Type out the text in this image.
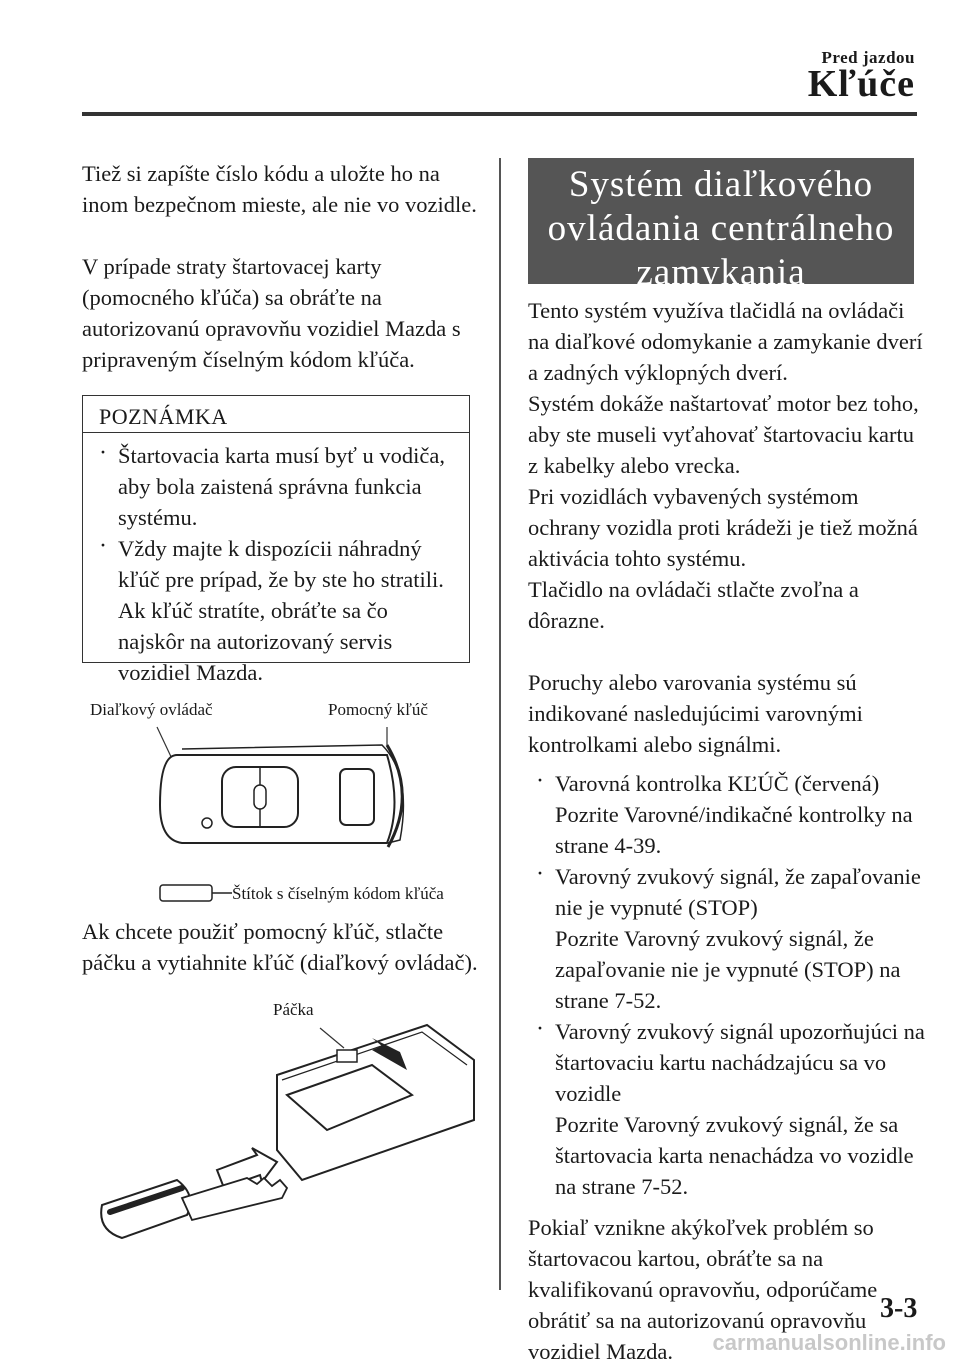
Pred jazdou
Kľúče

Tiež si zapíšte číslo kódu a uložte ho na inom bezpečnom mieste, ale nie vo vozidle.

V prípade straty štartovacej karty (pomocného kľúča) sa obráťte na autorizovanú opravovňu vozidiel Mazda s pripraveným číselným kódom kľúča.

POZNÁMKA
· Štartovacia karta musí byť u vodiča, aby bola zaistená správna funkcia systému.
· Vždy majte k dispozícii náhradný kľúč pre prípad, že by ste ho stratili. Ak kľúč stratíte, obráťte sa čo najskôr na autorizovaný servis vozidiel Mazda.
Diaľkový ovládač	Pomocný kľúč
Štítok s číselným kódom kľúča

Ak chcete použiť pomocný kľúč, stlačte páčku a vytiahnite kľúč (diaľkový ovládač).

Páčka
Systém diaľkového ovládania centrálneho zamykania

Tento systém využíva tlačidlá na ovládači na diaľkové odomykanie a zamykanie dverí a zadných výklopných dverí.

Systém dokáže naštartovať motor bez toho, aby ste museli vyťahovať štartovaciu kartu z kabelky alebo vrecka.

Pri vozidlách vybavených systémom ochrany vozidla proti krádeži je tiež možná aktivácia tohto systému.

Tlačidlo na ovládači stlačte zvoľna a dôrazne.

Poruchy alebo varovania systému sú indikované nasledujúcimi varovnými kontrolkami alebo signálmi.

· Varovná kontrolka KĽÚČ (červená)
Pozrite Varovné/indikačné kontrolky na strane 4-39.
· Varovný zvukový signál, že zapaľovanie nie je vypnuté (STOP)
Pozrite Varovný zvukový signál, že zapaľovanie nie je vypnuté (STOP) na strane 7-52.
· Varovný zvukový signál upozorňujúci na štartovaciu kartu nachádzajúcu sa vo vozidle
Pozrite Varovný zvukový signál, že sa štartovacia karta nenachádza vo vozidle na strane 7-52.

Pokiaľ vznikne akýkoľvek problém so štartovacou kartou, obráťte sa na kvalifikovanú opravovňu, odporúčame obrátiť sa na autorizovanú opravovňu vozidiel Mazda.

3-3
carmanualsonline.info
